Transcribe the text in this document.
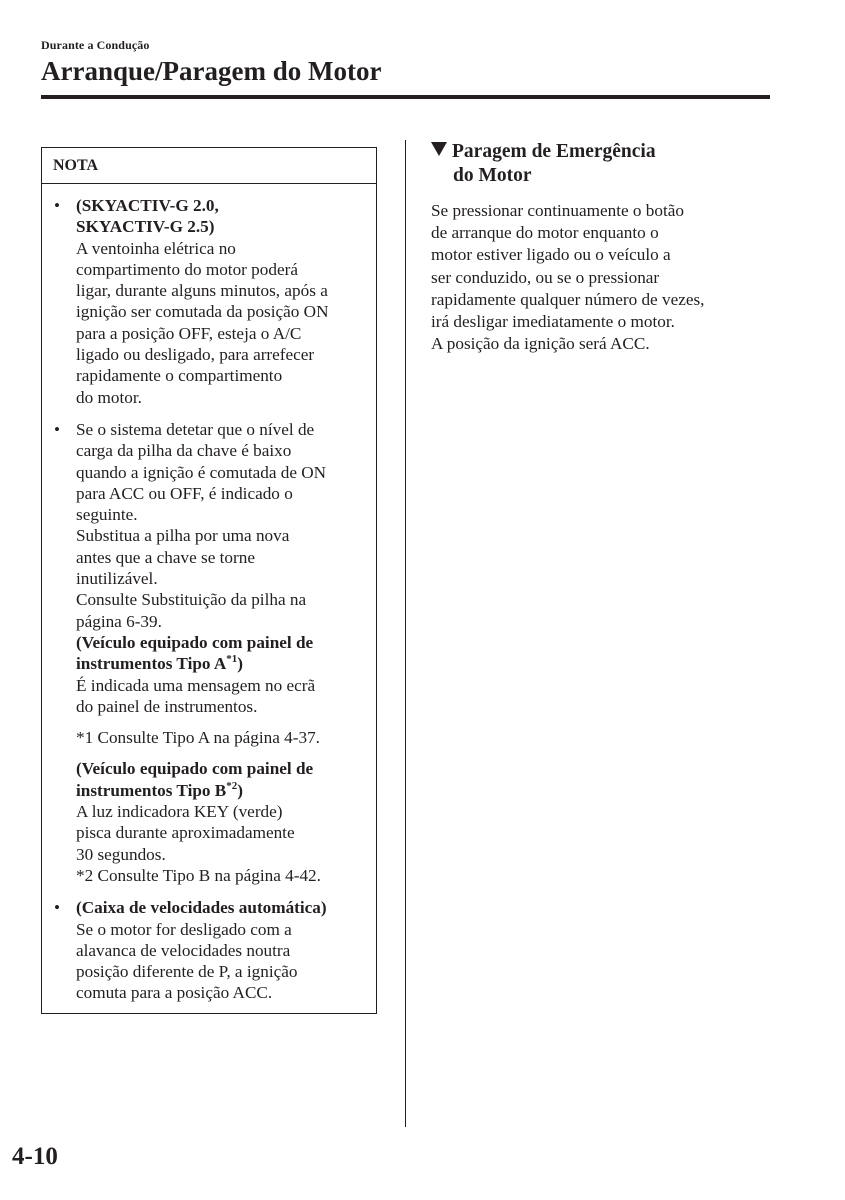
Durante a Condução
Arranque/Paragem do Motor
NOTA
• (SKYACTIV-G 2.0,
SKYACTIV-G 2.5)
A ventoinha elétrica no
compartimento do motor poderá
ligar, durante alguns minutos, após a
ignição ser comutada da posição ON
para a posição OFF, esteja o A/C
ligado ou desligado, para arrefecer
rapidamente o compartimento
do motor.
• Se o sistema detetar que o nível de
carga da pilha da chave é baixo
quando a ignição é comutada de ON
para ACC ou OFF, é indicado o
seguinte.
Substitua a pilha por uma nova
antes que a chave se torne
inutilizável.
Consulte Substituição da pilha na
página 6-39.
(Veículo equipado com painel de
instrumentos Tipo $A^{*1}$)
É indicada uma mensagem no ecrã
do painel de instrumentos.
*1 Consulte Tipo A na página 4-37.
(Veículo equipado com painel de
instrumentos Tipo $B^{*2}$)
A luz indicadora KEY (verde)
pisca durante aproximadamente
30 segundos.
*2 Consulte Tipo B na página 4-42.
• (Caixa de velocidades automática)
Se o motor for desligado com a
alavanca de velocidades noutra
posição diferente de P, a ignição
comuta para a posição ACC.
Paragem de Emergência
do Motor
Se pressionar continuamente o botão
de arranque do motor enquanto o
motor estiver ligado ou o veículo a
ser conduzido, ou se o pressionar
rapidamente qualquer número de vezes,
irá desligar imediatamente o motor.
A posição da ignição será ACC.
4-10
